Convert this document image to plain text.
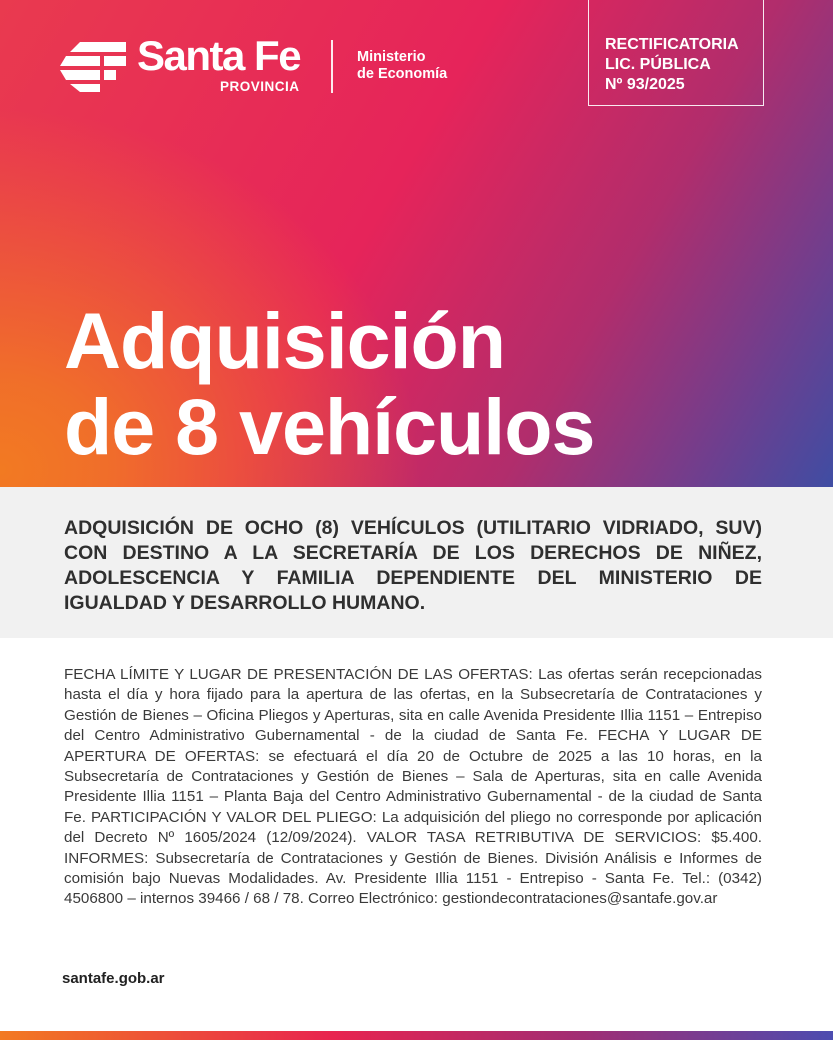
Santa Fe
PROVINCIA
Ministerio
de Economía
RECTIFICATORIA
LIC. PÚBLICA
Nº 93/2025
Adquisición
de 8 vehículos

ADQUISICIÓN DE OCHO (8) VEHÍCULOS (UTILITARIO VIDRIADO, SUV) CON DESTINO A LA SECRETARÍA DE LOS DERECHOS DE NIÑEZ, ADOLESCENCIA Y FAMILIA DEPENDIENTE DEL MINISTERIO DE IGUALDAD Y DESARROLLO HUMANO.

FECHA LÍMITE Y LUGAR DE PRESENTACIÓN DE LAS OFERTAS: Las ofertas serán recepcionadas hasta el día y hora fijado para la apertura de las ofertas, en la Subsecretaría de Contrataciones y Gestión de Bienes – Oficina Pliegos y Aperturas, sita en calle Avenida Presidente Illia 1151 – Entrepiso del Centro Administrativo Gubernamental - de la ciudad de Santa Fe. FECHA Y LUGAR DE APERTURA DE OFERTAS: se efectuará el día 20 de Octubre de 2025 a las 10 horas, en la Subsecretaría de Contrataciones y Gestión de Bienes – Sala de Aperturas, sita en calle Avenida Presidente Illia 1151 – Planta Baja del Centro Administrativo Gubernamental - de la ciudad de Santa Fe. PARTICIPACIÓN Y VALOR DEL PLIEGO: La adquisición del pliego no corresponde por aplicación del Decreto Nº 1605/2024 (12/09/2024). VALOR TASA RETRIBUTIVA DE SERVICIOS: $5.400. INFORMES: Subsecretaría de Contrataciones y Gestión de Bienes. División Análisis e Informes de comisión bajo Nuevas Modalidades. Av. Presidente Illia 1151 - Entrepiso - Santa Fe. Tel.: (0342) 4506800 – internos 39466 / 68 / 78. Correo Electrónico: gestiondecontrataciones@santafe.gov.ar

santafe.gob.ar
